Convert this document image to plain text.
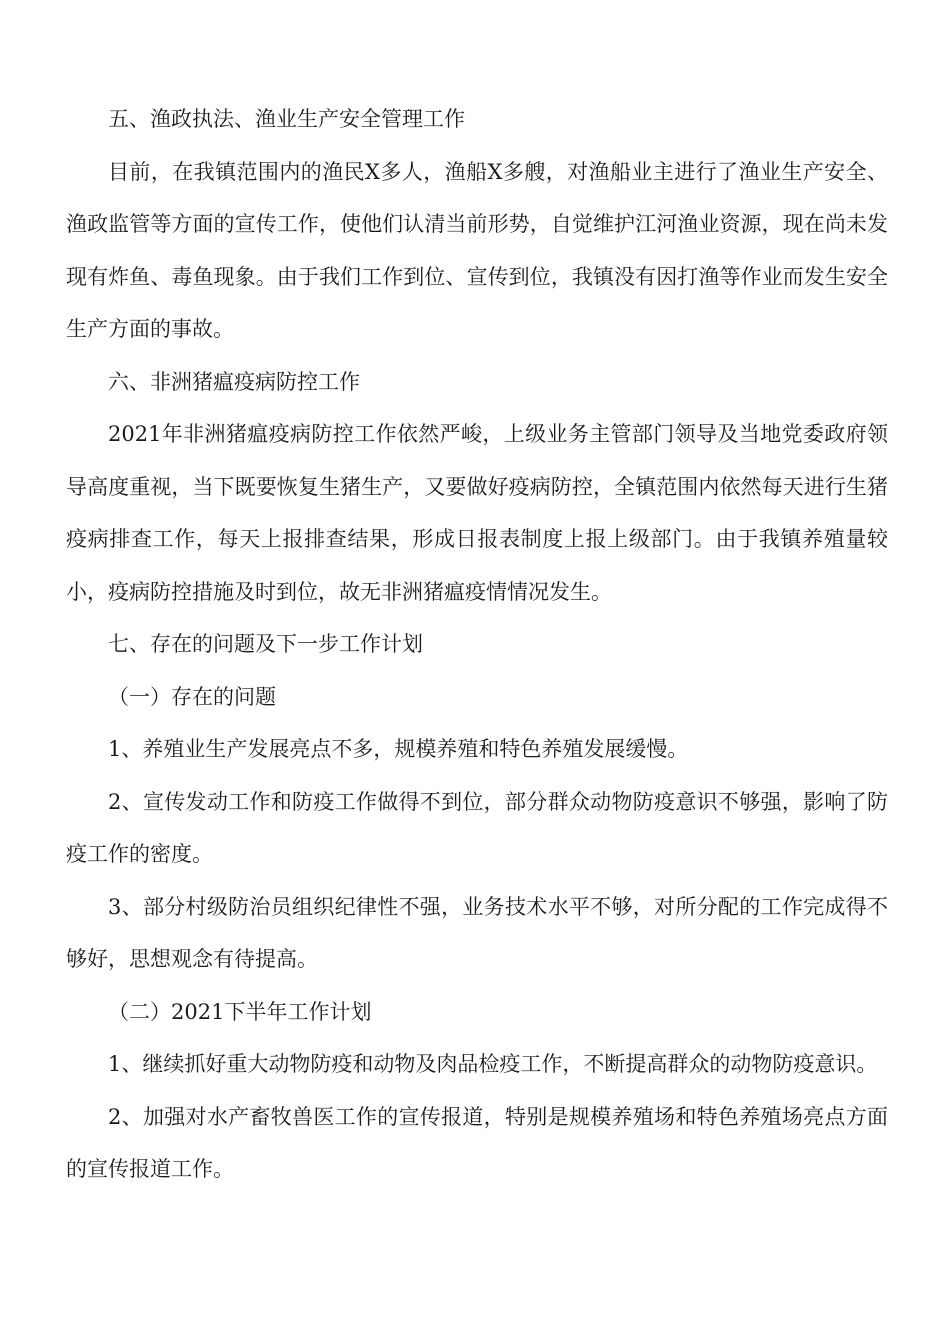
五、渔政执法、渔业生产安全管理工作

目前，在我镇范围内的渔民X多人，渔船X多艘，对渔船业主进行了渔业生产安全、渔政监管等方面的宣传工作，使他们认清当前形势，自觉维护江河渔业资源，现在尚未发现有炸鱼、毒鱼现象。由于我们工作到位、宣传到位，我镇没有因打渔等作业而发生安全生产方面的事故。

六、非洲猪瘟疫病防控工作

2021年非洲猪瘟疫病防控工作依然严峻，上级业务主管部门领导及当地党委政府领导高度重视，当下既要恢复生猪生产，又要做好疫病防控，全镇范围内依然每天进行生猪疫病排查工作，每天上报排查结果，形成日报表制度上报上级部门。由于我镇养殖量较小，疫病防控措施及时到位，故无非洲猪瘟疫情情况发生。

七、存在的问题及下一步工作计划

（一）存在的问题

1、养殖业生产发展亮点不多，规模养殖和特色养殖发展缓慢。

2、宣传发动工作和防疫工作做得不到位，部分群众动物防疫意识不够强，影响了防疫工作的密度。

3、部分村级防治员组织纪律性不强，业务技术水平不够，对所分配的工作完成得不够好，思想观念有待提高。

（二）2021下半年工作计划

1、继续抓好重大动物防疫和动物及肉品检疫工作，不断提高群众的动物防疫意识。

2、加强对水产畜牧兽医工作的宣传报道，特别是规模养殖场和特色养殖场亮点方面的宣传报道工作。
